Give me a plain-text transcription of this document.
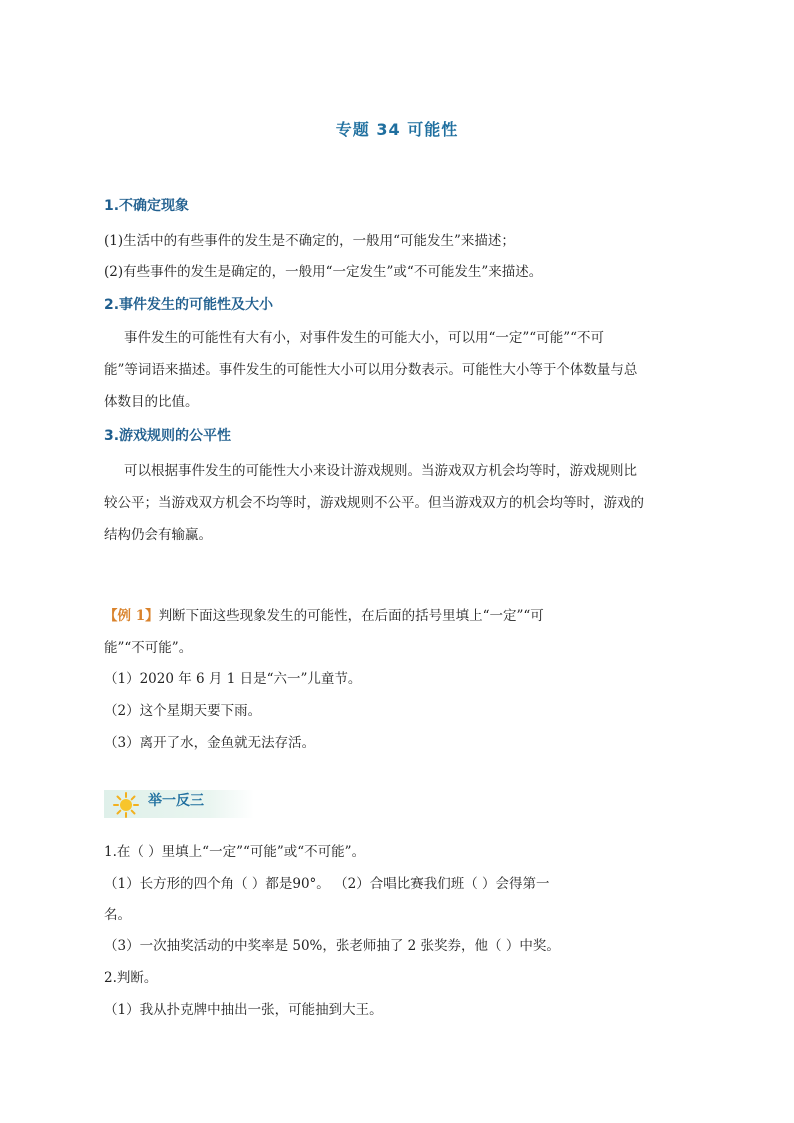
专题 34 可能性
1.不确定现象
(1)生活中的有些事件的发生是不确定的，一般用“可能发生”来描述；
(2)有些事件的发生是确定的，一般用“一定发生”或“不可能发生”来描述。
2.事件发生的可能性及大小
事件发生的可能性有大有小，对事件发生的可能大小，可以用“一定”“可能”“不可
能”等词语来描述。事件发生的可能性大小可以用分数表示。可能性大小等于个体数量与总
体数目的比值。
3.游戏规则的公平性
可以根据事件发生的可能性大小来设计游戏规则。当游戏双方机会均等时，游戏规则比
较公平；当游戏双方机会不均等时，游戏规则不公平。但当游戏双方的机会均等时，游戏的
结构仍会有输赢。
【例 1】判断下面这些现象发生的可能性，在后面的括号里填上“一定”“可
能”“不可能”。
（1）2020 年 6 月 1 日是“六一”儿童节。
（2）这个星期天要下雨。
（3）离开了水，金鱼就无法存活。
举一反三
1.在（ ）里填上“一定”“可能”或“不可能”。
（1）长方形的四个角（ ）都是90°。 （2）合唱比赛我们班（ ）会得第一
名。
（3）一次抽奖活动的中奖率是 50%，张老师抽了 2 张奖券，他（ ）中奖。
2.判断。
（1）我从扑克牌中抽出一张，可能抽到大王。
